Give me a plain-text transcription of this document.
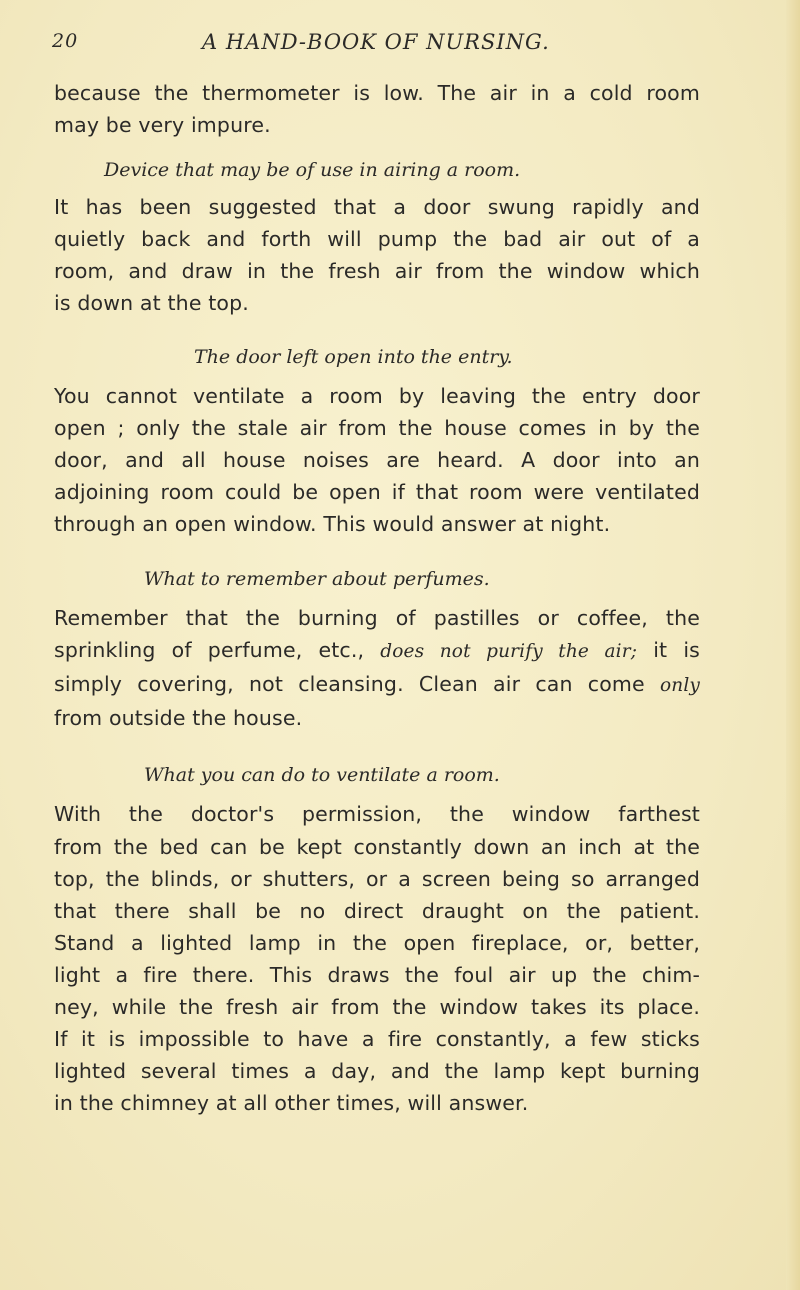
20	A HAND-BOOK OF NURSING.
because the thermometer is low. The air in a cold room
may be very impure.

Device that may be of use in airing a room.

It has been suggested that a door swung rapidly and
quietly back and forth will pump the bad air out of a
room, and draw in the fresh air from the window which
is down at the top.

The door left open into the entry.

You cannot ventilate a room by leaving the entry door
open ; only the stale air from the house comes in by the
door, and all house noises are heard. A door into an
adjoining room could be open if that room were ventilated
through an open window. This would answer at night.

What to remember about perfumes.

Remember that the burning of pastilles or coffee, the
sprinkling of perfume, etc., does not purify the air; it is
simply covering, not cleansing. Clean air can come only
from outside the house.

What you can do to ventilate a room.

With the doctor's permission, the window farthest
from the bed can be kept constantly down an inch at the
top, the blinds, or shutters, or a screen being so arranged
that there shall be no direct draught on the patient.
Stand a lighted lamp in the open fireplace, or, better,
light a fire there. This draws the foul air up the chim-
ney, while the fresh air from the window takes its place.
If it is impossible to have a fire constantly, a few sticks
lighted several times a day, and the lamp kept burning
in the chimney at all other times, will answer.
